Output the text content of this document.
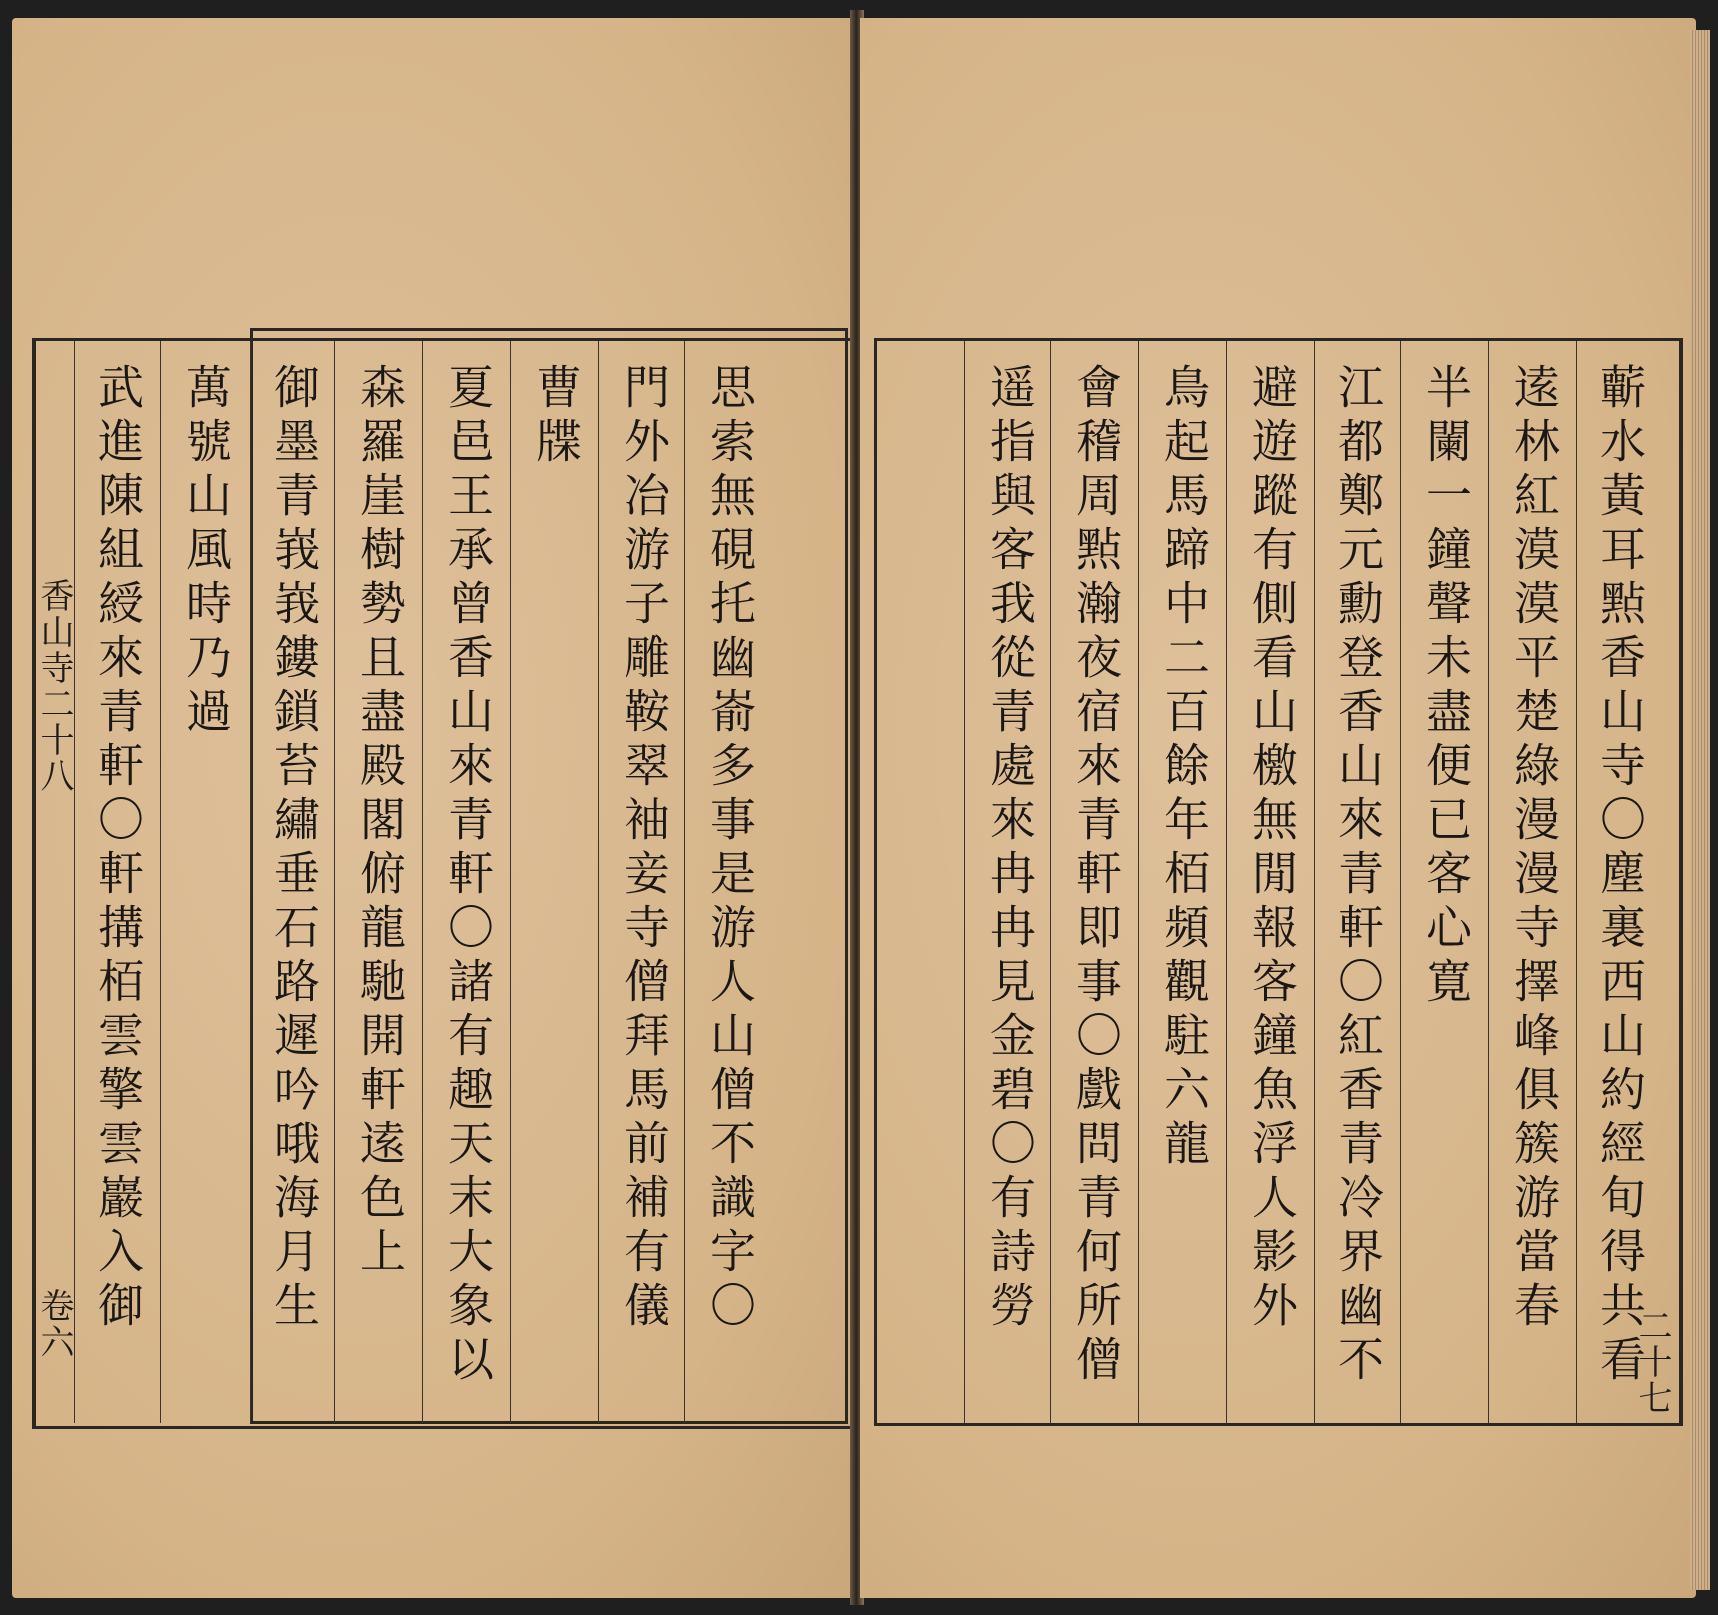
香山寺二十八
卷六	思索無硯托幽嵛多事是游人山僧不識字〇
門外冶游子雕鞍翠袖妾寺僧拜馬前補有儀
曹牒
夏邑王承曾香山來青軒〇諸有趣天末大象以
森羅崖樹勢且盡殿閣俯龍馳開軒逺色上
御墨青峩峩鏤鎖苔繡垂石路遲吟哦海月生
萬號山風時乃過
武進陳組綬來青軒〇軒搆栢雲擎雲巖入御
二十七
蘄水黃耳㸃香山寺〇塵裏西山約經旬得共看
逺林紅漠漠平楚綠漫漫寺擇峰俱簇游當春
半闌一鐘聲未盡便已客心寛
江都鄭元勳登香山來青軒〇紅香青冷界幽不
避遊蹤有側看山檄無閒報客鐘魚浮人影外
鳥起馬蹄中二百餘年栢頻觀駐六龍
會稽周㸃瀚夜宿來青軒即事〇戲問青何所僧
遥指與客我從青處來冉冉見金碧〇有詩勞
